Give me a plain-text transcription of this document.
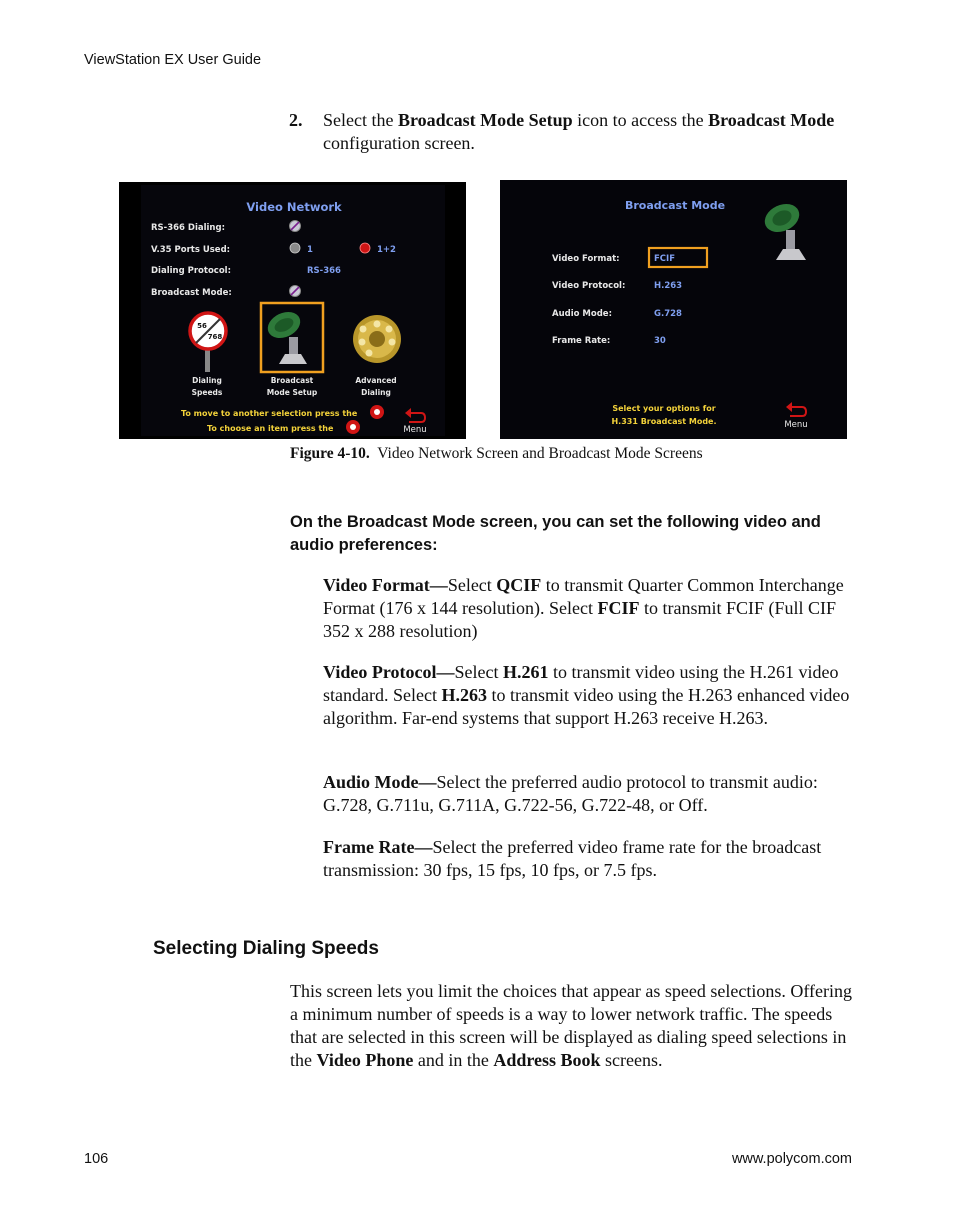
ViewStation EX User Guide
2. Select the Broadcast Mode Setup icon to access the Broadcast Mode configuration screen.
Video Network
RS-366 Dialing:
V.35 Ports Used:	1	1+2
Dialing Protocol:	RS-366
Broadcast Mode:
56
768
Dialing
Speeds
Broadcast
Mode Setup
Advanced
Dialing
To move to another selection press the
To choose an item press the	Menu
Broadcast Mode
Video Format:	FCIF
Video Protocol:	H.263
Audio Mode:	G.728
Frame Rate:	30
Select your options for
H.331 Broadcast Mode.	Menu
Figure 4-10. Video Network Screen and Broadcast Mode Screens
On the Broadcast Mode screen, you can set the following video and audio preferences:
Video Format—Select QCIF to transmit Quarter Common Interchange Format (176 x 144 resolution). Select FCIF to transmit FCIF (Full CIF 352 x 288 resolution)
Video Protocol—Select H.261 to transmit video using the H.261 video standard. Select H.263 to transmit video using the H.263 enhanced video algorithm. Far-end systems that support H.263 receive H.263.
Audio Mode—Select the preferred audio protocol to transmit audio: G.728, G.711u, G.711A, G.722-56, G.722-48, or Off.
Frame Rate—Select the preferred video frame rate for the broadcast transmission: 30 fps, 15 fps, 10 fps, or 7.5 fps.
Selecting Dialing Speeds
This screen lets you limit the choices that appear as speed selections. Offering a minimum number of speeds is a way to lower network traffic. The speeds that are selected in this screen will be displayed as dialing speed selections in the Video Phone and in the Address Book screens.
106	www.polycom.com
